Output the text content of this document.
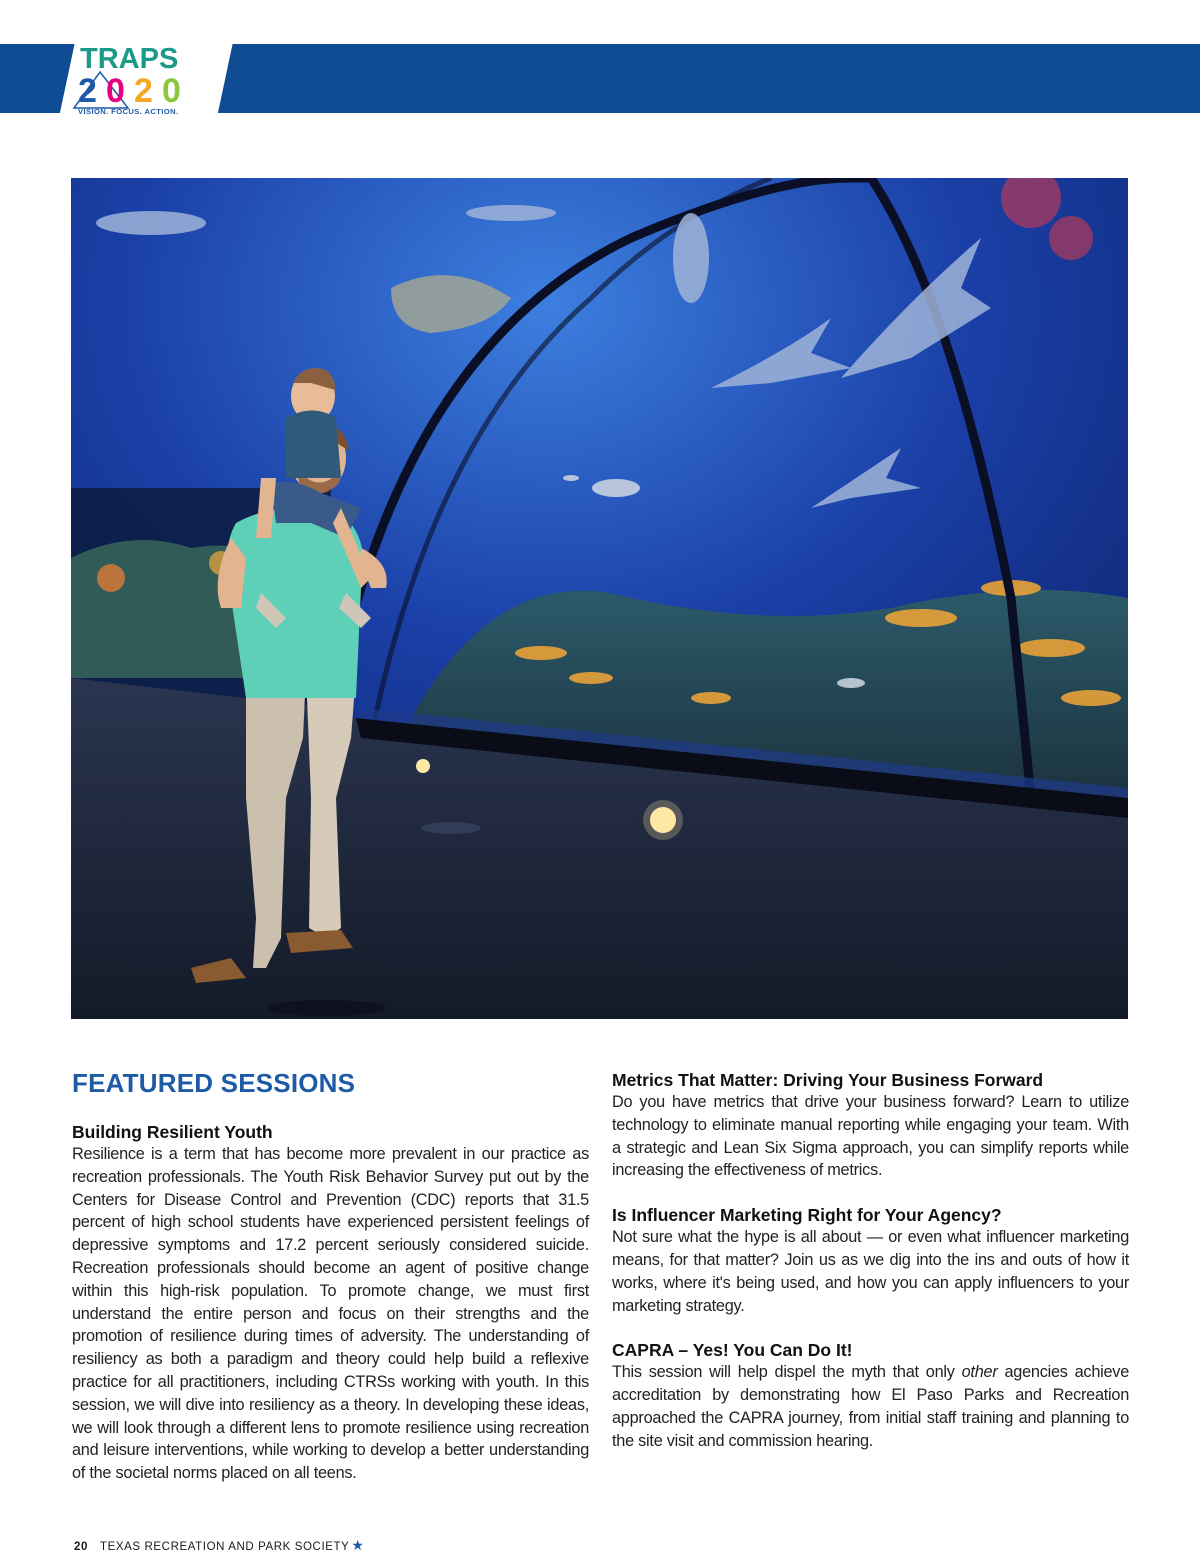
TRAPS
2 0 2 0
VISION. FOCUS. ACTION.
FEATURED SESSIONS
Building Resilient Youth

Resilience is a term that has become more prevalent in our practice as recreation professionals. The Youth Risk Behavior Survey put out by the Centers for Disease Control and Prevention (CDC) reports that 31.5 percent of high school students have experienced persistent feelings of depressive symptoms and 17.2 percent seriously considered suicide. Recreation professionals should become an agent of positive change within this high-risk population. To promote change, we must first understand the entire person and focus on their strengths and the promotion of resilience during times of adversity. The understanding of resiliency as both a paradigm and theory could help build a reflexive practice for all practitioners, including CTRSs working with youth. In this session, we will dive into resiliency as a theory. In developing these ideas, we will look through a different lens to promote resilience using recreation and leisure interventions, while working to develop a better understanding of the societal norms placed on all teens.

Metrics That Matter: Driving Your Business Forward

Do you have metrics that drive your business forward? Learn to utilize technology to eliminate manual reporting while engaging your team. With a strategic and Lean Six Sigma approach, you can simplify reports while increasing the effectiveness of metrics.

Is Influencer Marketing Right for Your Agency?

Not sure what the hype is all about — or even what influencer marketing means, for that matter? Join us as we dig into the ins and outs of how it works, where it's being used, and how you can apply influencers to your marketing strategy.

CAPRA – Yes! You Can Do It!

This session will help dispel the myth that only other agencies achieve accreditation by demonstrating how El Paso Parks and Recreation approached the CAPRA journey, from initial staff training and planning to the site visit and commission hearing.

20 TEXAS RECREATION AND PARK SOCIETY ★
